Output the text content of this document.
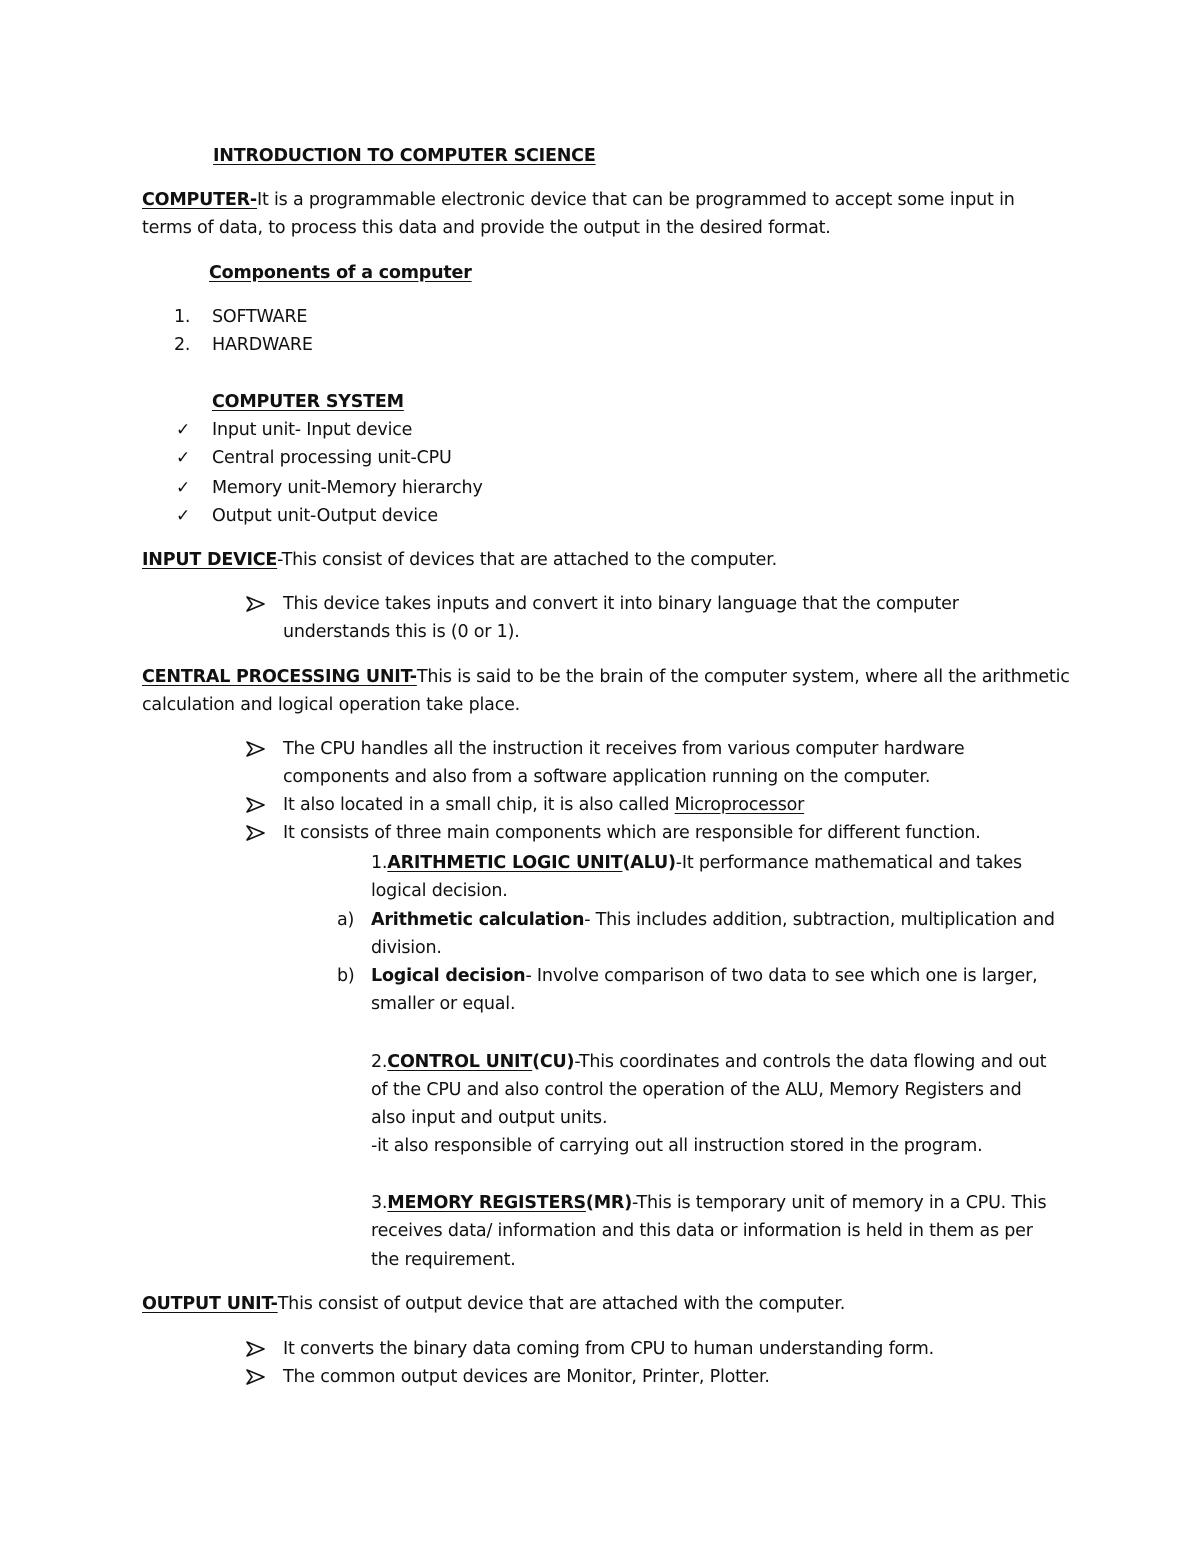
INTRODUCTION TO COMPUTER SCIENCE
COMPUTER-It is a programmable electronic device that can be programmed to accept some input in
terms of data, to process this data and provide the output in the desired format.
Components of a computer
1. SOFTWARE
2. HARDWARE
COMPUTER SYSTEM
✓ Input unit- Input device
✓ Central processing unit-CPU
✓ Memory unit-Memory hierarchy
✓ Output unit-Output device
INPUT DEVICE-This consist of devices that are attached to the computer.
This device takes inputs and convert it into binary language that the computer
understands this is (0 or 1).
CENTRAL PROCESSING UNIT-This is said to be the brain of the computer system, where all the arithmetic
calculation and logical operation take place.
The CPU handles all the instruction it receives from various computer hardware
components and also from a software application running on the computer.
It also located in a small chip, it is also called Microprocessor
It consists of three main components which are responsible for different function.
1.ARITHMETIC LOGIC UNIT(ALU)-It performance mathematical and takes
logical decision.
a) Arithmetic calculation- This includes addition, subtraction, multiplication and
division.
b) Logical decision- Involve comparison of two data to see which one is larger,
smaller or equal.
2.CONTROL UNIT(CU)-This coordinates and controls the data flowing and out
of the CPU and also control the operation of the ALU, Memory Registers and
also input and output units.
-it also responsible of carrying out all instruction stored in the program.
3.MEMORY REGISTERS(MR)-This is temporary unit of memory in a CPU. This
receives data/ information and this data or information is held in them as per
the requirement.
OUTPUT UNIT-This consist of output device that are attached with the computer.
It converts the binary data coming from CPU to human understanding form.
The common output devices are Monitor, Printer, Plotter.
